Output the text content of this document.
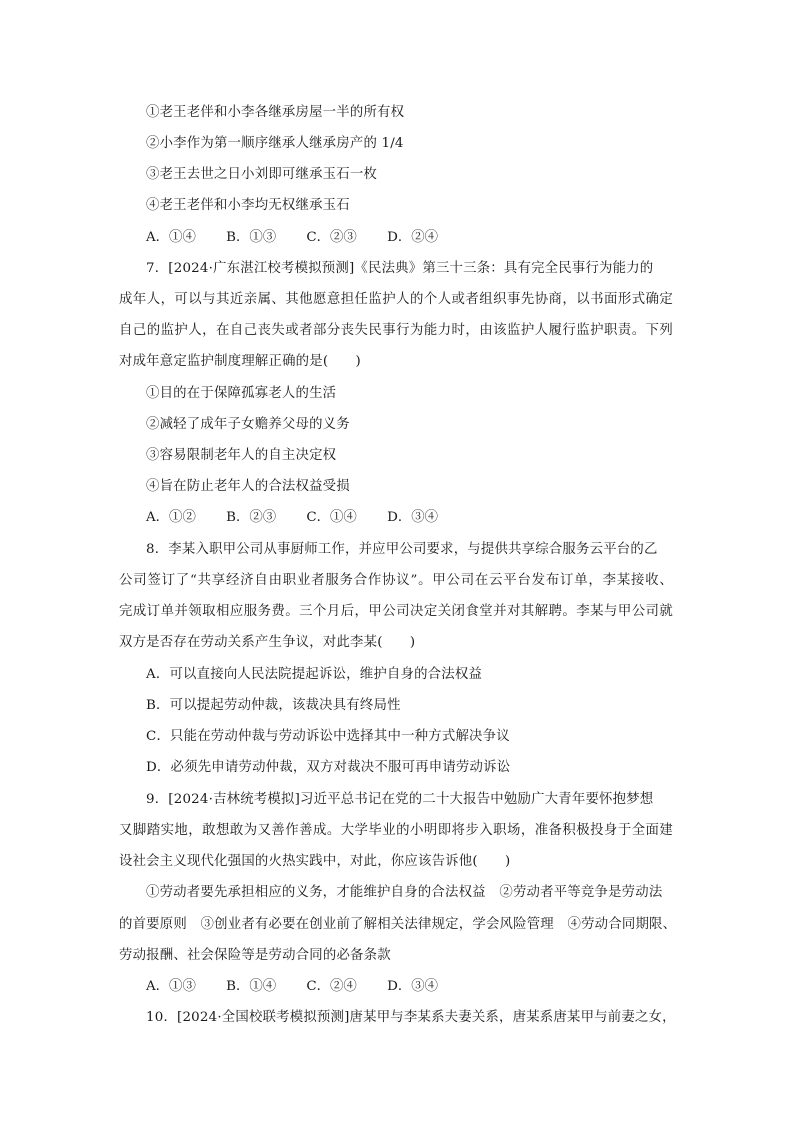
①老王老伴和小李各继承房屋一半的所有权
②小李作为第一顺序继承人继承房产的 1/4
③老王去世之日小刘即可继承玉石一枚
④老王老伴和小李均无权继承玉石
A．①④ B．①③ C．②③ D．②④
7．[2024·广东湛江校考模拟预测]《民法典》第三十三条：具有完全民事行为能力的
成年人，可以与其近亲属、其他愿意担任监护人的个人或者组织事先协商，以书面形式确定
自己的监护人，在自己丧失或者部分丧失民事行为能力时，由该监护人履行监护职责。下列
对成年意定监护制度理解正确的是(　　)
①目的在于保障孤寡老人的生活
②减轻了成年子女赡养父母的义务
③容易限制老年人的自主决定权
④旨在防止老年人的合法权益受损
A．①② B．②③ C．①④ D．③④
8．李某入职甲公司从事厨师工作，并应甲公司要求，与提供共享综合服务云平台的乙
公司签订了“共享经济自由职业者服务合作协议”。甲公司在云平台发布订单，李某接收、
完成订单并领取相应服务费。三个月后，甲公司决定关闭食堂并对其解聘。李某与甲公司就
双方是否存在劳动关系产生争议，对此李某(　　)
A．可以直接向人民法院提起诉讼，维护自身的合法权益
B．可以提起劳动仲裁，该裁决具有终局性
C．只能在劳动仲裁与劳动诉讼中选择其中一种方式解决争议
D．必须先申请劳动仲裁，双方对裁决不服可再申请劳动诉讼
9．[2024·吉林统考模拟]习近平总书记在党的二十大报告中勉励广大青年要怀抱梦想
又脚踏实地，敢想敢为又善作善成。大学毕业的小明即将步入职场，准备积极投身于全面建
设社会主义现代化强国的火热实践中，对此，你应该告诉他(　　)
①劳动者要先承担相应的义务，才能维护自身的合法权益　②劳动者平等竞争是劳动法
的首要原则　③创业者有必要在创业前了解相关法律规定，学会风险管理　④劳动合同期限、
劳动报酬、社会保险等是劳动合同的必备条款
A．①③ B．①④ C．②④ D．③④
10．[2024·全国校联考模拟预测]唐某甲与李某系夫妻关系，唐某系唐某甲与前妻之女，
